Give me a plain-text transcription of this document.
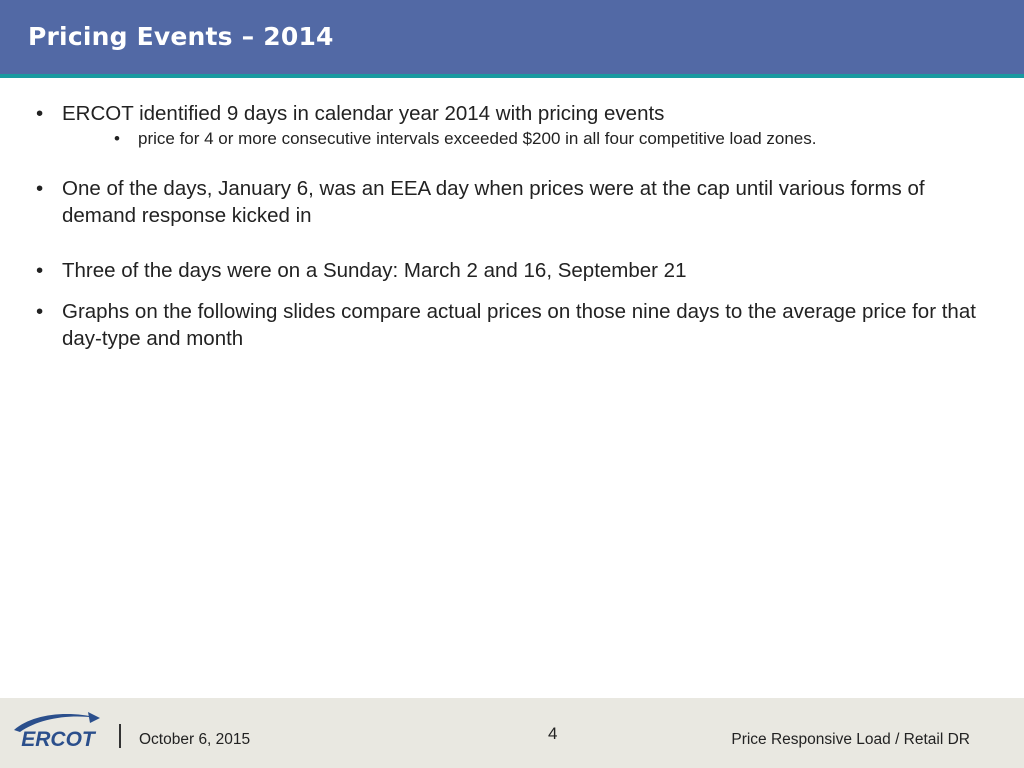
Pricing Events – 2014
• ERCOT identified 9 days in calendar year 2014 with pricing events
• price for 4 or more consecutive intervals exceeded $200 in all four competitive load zones.
• One of the days, January 6, was an EEA day when prices were at the cap until various forms of demand response kicked in
• Three of the days were on a Sunday: March 2 and 16, September 21
• Graphs on the following slides compare actual prices on those nine days to the average price for that day-type and month
ERCOT	October 6, 2015	4	Price Responsive Load / Retail DR
